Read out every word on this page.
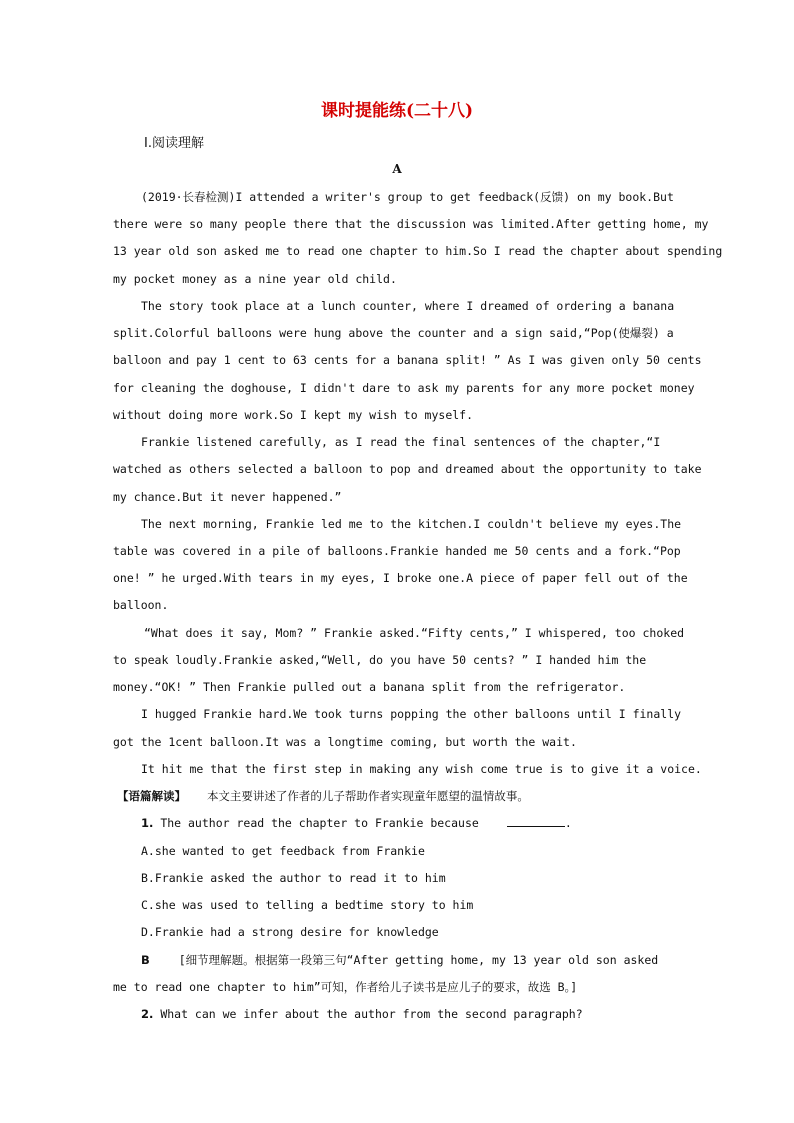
课时提能练(二十八)
Ⅰ.阅读理解
A
(2019·长春检测)I attended a writer's group to get feedback(反馈) on my book.But
there were so many people there that the discussion was limited.After getting home, my
13 year old son asked me to read one chapter to him.So I read the chapter about spending
my pocket money as a nine year old child.
The story took place at a lunch counter, where I dreamed of ordering a banana
split.Colorful balloons were hung above the counter and a sign said,“Pop(使爆裂) a
balloon and pay 1 cent to 63 cents for a banana split! ” As I was given only 50 cents
for cleaning the doghouse, I didn't dare to ask my parents for any more pocket money
without doing more work.So I kept my wish to myself.
Frankie listened carefully, as I read the final sentences of the chapter,“I
watched as others selected a balloon to pop and dreamed about the opportunity to take
my chance.But it never happened.”
The next morning, Frankie led me to the kitchen.I couldn't believe my eyes.The
table was covered in a pile of balloons.Frankie handed me 50 cents and a fork.“Pop
one! ” he urged.With tears in my eyes, I broke one.A piece of paper fell out of the
balloon.
“What does it say, Mom? ” Frankie asked.“Fifty cents,” I whispered, too choked
to speak loudly.Frankie asked,“Well, do you have 50 cents? ” I handed him the
money.“OK! ” Then Frankie pulled out a banana split from the refrigerator.
I hugged Frankie hard.We took turns popping the other balloons until I finally
got the 1cent balloon.It was a longtime coming, but worth the wait.
It hit me that the first step in making any wish come true is to give it a voice.
【语篇解读】 本文主要讲述了作者的儿子帮助作者实现童年愿望的温情故事。
1. The author read the chapter to Frankie because	.
A.she wanted to get feedback from Frankie
B.Frankie asked the author to read it to him
C.she was used to telling a bedtime story to him
D.Frankie had a strong desire for knowledge
B	[细节理解题。根据第一段第三句“After getting home, my 13 year old son asked
me to read one chapter to him”可知，作者给儿子读书是应儿子的要求，故选 B。]
2. What can we infer about the author from the second paragraph?
